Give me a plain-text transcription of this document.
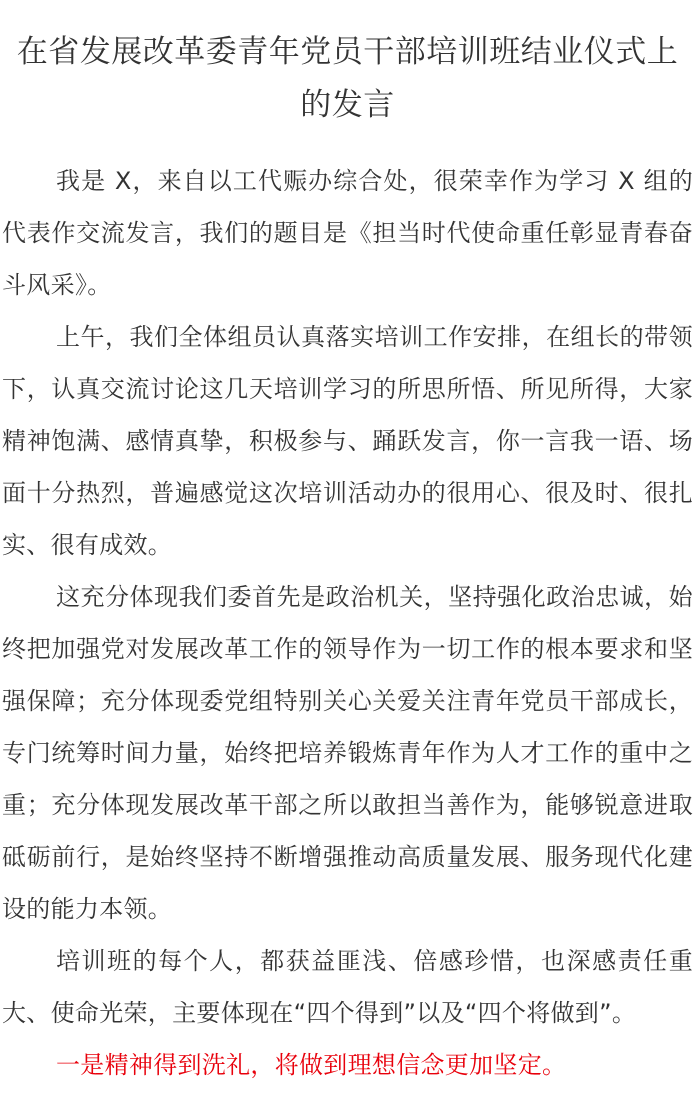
在省发展改革委青年党员干部培训班结业仪式上的发言

我是 X，来自以工代赈办综合处，很荣幸作为学习 X 组的代表作交流发言，我们的题目是《担当时代使命重任彰显青春奋斗风采》。

上午，我们全体组员认真落实培训工作安排，在组长的带领下，认真交流讨论这几天培训学习的所思所悟、所见所得，大家精神饱满、感情真挚，积极参与、踊跃发言，你一言我一语、场面十分热烈，普遍感觉这次培训活动办的很用心、很及时、很扎实、很有成效。

这充分体现我们委首先是政治机关，坚持强化政治忠诚，始终把加强党对发展改革工作的领导作为一切工作的根本要求和坚强保障；充分体现委党组特别关心关爱关注青年党员干部成长，专门统筹时间力量，始终把培养锻炼青年作为人才工作的重中之重；充分体现发展改革干部之所以敢担当善作为，能够锐意进取砥砺前行，是始终坚持不断增强推动高质量发展、服务现代化建设的能力本领。

培训班的每个人，都获益匪浅、倍感珍惜，也深感责任重大、使命光荣，主要体现在“四个得到”以及“四个将做到”。

一是精神得到洗礼，将做到理想信念更加坚定。
